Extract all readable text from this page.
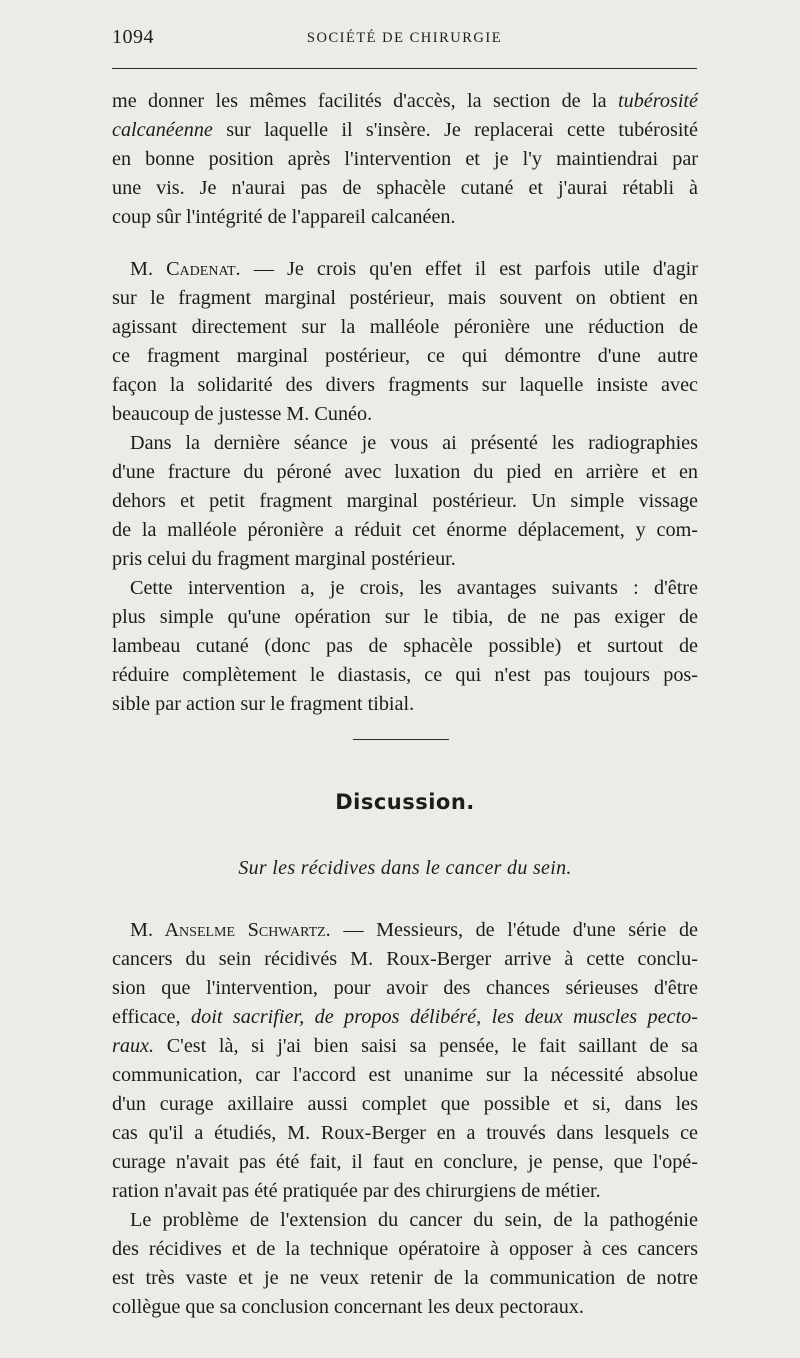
1094	SOCIÉTÉ DE CHIRURGIE

me donner les mêmes facilités d'accès, la section de la tubérosité

calcanéenne sur laquelle il s'insère. Je replacerai cette tubérosité

en bonne position après l'intervention et je l'y maintiendrai par

une vis. Je n'aurai pas de sphacèle cutané et j'aurai rétabli à

coup sûr l'intégrité de l'appareil calcanéen.

M. Cadenat. — Je crois qu'en effet il est parfois utile d'agir

sur le fragment marginal postérieur, mais souvent on obtient en

agissant directement sur la malléole péronière une réduction de

ce fragment marginal postérieur, ce qui démontre d'une autre

façon la solidarité des divers fragments sur laquelle insiste avec

beaucoup de justesse M. Cunéo.

Dans la dernière séance je vous ai présenté les radiographies

d'une fracture du péroné avec luxation du pied en arrière et en

dehors et petit fragment marginal postérieur. Un simple vissage

de la malléole péronière a réduit cet énorme déplacement, y com-

pris celui du fragment marginal postérieur.

Cette intervention a, je crois, les avantages suivants : d'être

plus simple qu'une opération sur le tibia, de ne pas exiger de

lambeau cutané (donc pas de sphacèle possible) et surtout de

réduire complètement le diastasis, ce qui n'est pas toujours pos-

sible par action sur le fragment tibial.

Discussion.
Sur les récidives dans le cancer du sein.

M. Anselme Schwartz. — Messieurs, de l'étude d'une série de

cancers du sein récidivés M. Roux-Berger arrive à cette conclu-

sion que l'intervention, pour avoir des chances sérieuses d'être

efficace, doit sacrifier, de propos délibéré, les deux muscles pecto-

raux. C'est là, si j'ai bien saisi sa pensée, le fait saillant de sa

communication, car l'accord est unanime sur la nécessité absolue

d'un curage axillaire aussi complet que possible et si, dans les

cas qu'il a étudiés, M. Roux-Berger en a trouvés dans lesquels ce

curage n'avait pas été fait, il faut en conclure, je pense, que l'opé-

ration n'avait pas été pratiquée par des chirurgiens de métier.

Le problème de l'extension du cancer du sein, de la pathogénie

des récidives et de la technique opératoire à opposer à ces cancers

est très vaste et je ne veux retenir de la communication de notre

collègue que sa conclusion concernant les deux pectoraux.
